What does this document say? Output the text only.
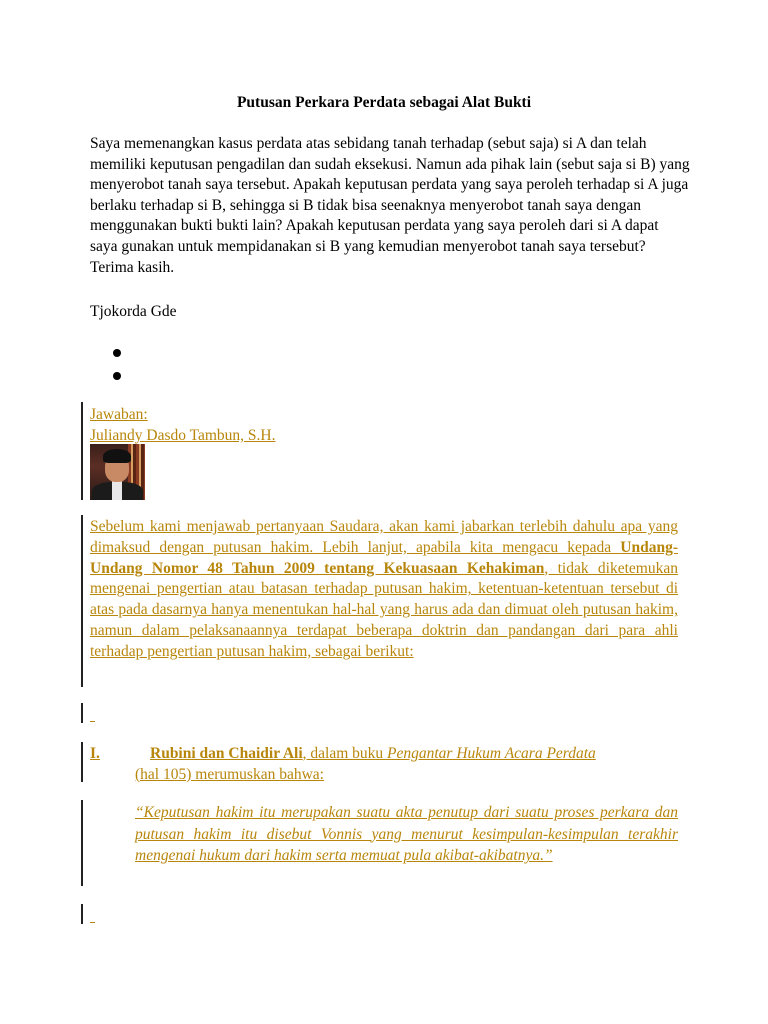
Putusan Perkara Perdata sebagai Alat Bukti

Saya memenangkan kasus perdata atas sebidang tanah terhadap (sebut saja) si A dan telah memiliki keputusan pengadilan dan sudah eksekusi. Namun ada pihak lain (sebut saja si B) yang menyerobot tanah saya tersebut. Apakah keputusan perdata yang saya peroleh terhadap si A juga berlaku terhadap si B, sehingga si B tidak bisa seenaknya menyerobot tanah saya dengan menggunakan bukti bukti lain? Apakah keputusan perdata yang saya peroleh dari si A dapat saya gunakan untuk mempidanakan si B yang kemudian menyerobot tanah saya tersebut? Terima kasih.

Tjokorda Gde
Jawaban:
Juliandy Dasdo Tambun, S.H.
Sebelum kami menjawab pertanyaan Saudara, akan kami jabarkan terlebih dahulu apa yang dimaksud dengan putusan hakim. Lebih lanjut, apabila kita mengacu kepada Undang-Undang Nomor 48 Tahun 2009 tentang Kekuasaan Kehakiman, tidak diketemukan mengenai pengertian atau batasan terhadap putusan hakim, ketentuan-ketentuan tersebut di atas pada dasarnya hanya menentukan hal-hal yang harus ada dan dimuat oleh putusan hakim, namun dalam pelaksanaannya terdapat beberapa doktrin dan pandangan dari para ahli terhadap pengertian putusan hakim, sebagai berikut:
_
I.	Rubini dan Chaidir Ali, dalam buku Pengantar Hukum Acara Perdata
(hal 105) merumuskan bahwa:
“Keputusan hakim itu merupakan suatu akta penutup dari suatu proses perkara dan putusan hakim itu disebut Vonnis yang menurut kesimpulan-kesimpulan terakhir mengenai hukum dari hakim serta memuat pula akibat-akibatnya.”
_
